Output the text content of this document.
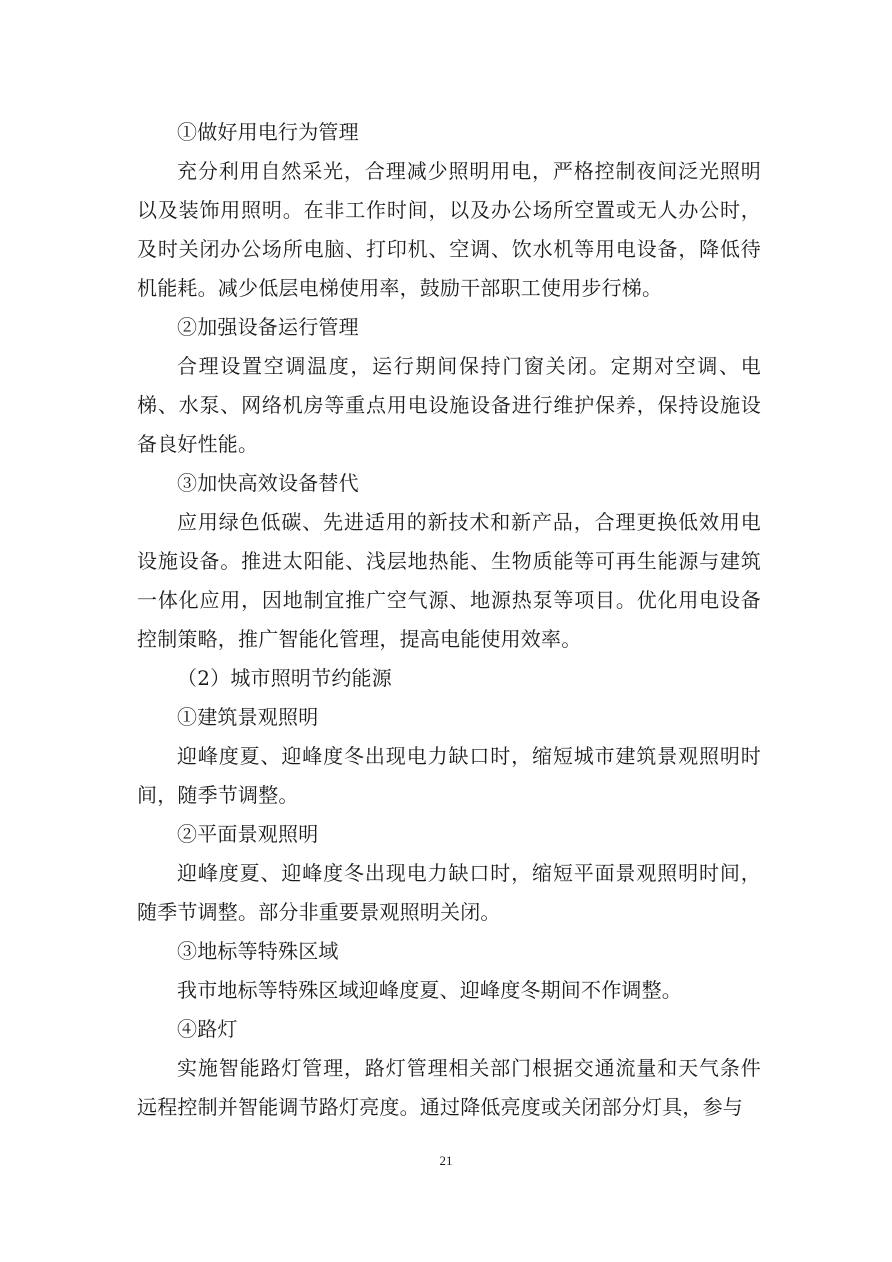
①做好用电行为管理

充分利用自然采光，合理减少照明用电，严格控制夜间泛光照明以及装饰用照明。在非工作时间，以及办公场所空置或无人办公时，及时关闭办公场所电脑、打印机、空调、饮水机等用电设备，降低待机能耗。减少低层电梯使用率，鼓励干部职工使用步行梯。

②加强设备运行管理

合理设置空调温度，运行期间保持门窗关闭。定期对空调、电梯、水泵、网络机房等重点用电设施设备进行维护保养，保持设施设备良好性能。

③加快高效设备替代

应用绿色低碳、先进适用的新技术和新产品，合理更换低效用电设施设备。推进太阳能、浅层地热能、生物质能等可再生能源与建筑一体化应用，因地制宜推广空气源、地源热泵等项目。优化用电设备控制策略，推广智能化管理，提高电能使用效率。

（2）城市照明节约能源

①建筑景观照明

迎峰度夏、迎峰度冬出现电力缺口时，缩短城市建筑景观照明时间，随季节调整。

②平面景观照明

迎峰度夏、迎峰度冬出现电力缺口时，缩短平面景观照明时间，随季节调整。部分非重要景观照明关闭。

③地标等特殊区域

我市地标等特殊区域迎峰度夏、迎峰度冬期间不作调整。

④路灯

实施智能路灯管理，路灯管理相关部门根据交通流量和天气条件远程控制并智能调节路灯亮度。通过降低亮度或关闭部分灯具，参与

21
